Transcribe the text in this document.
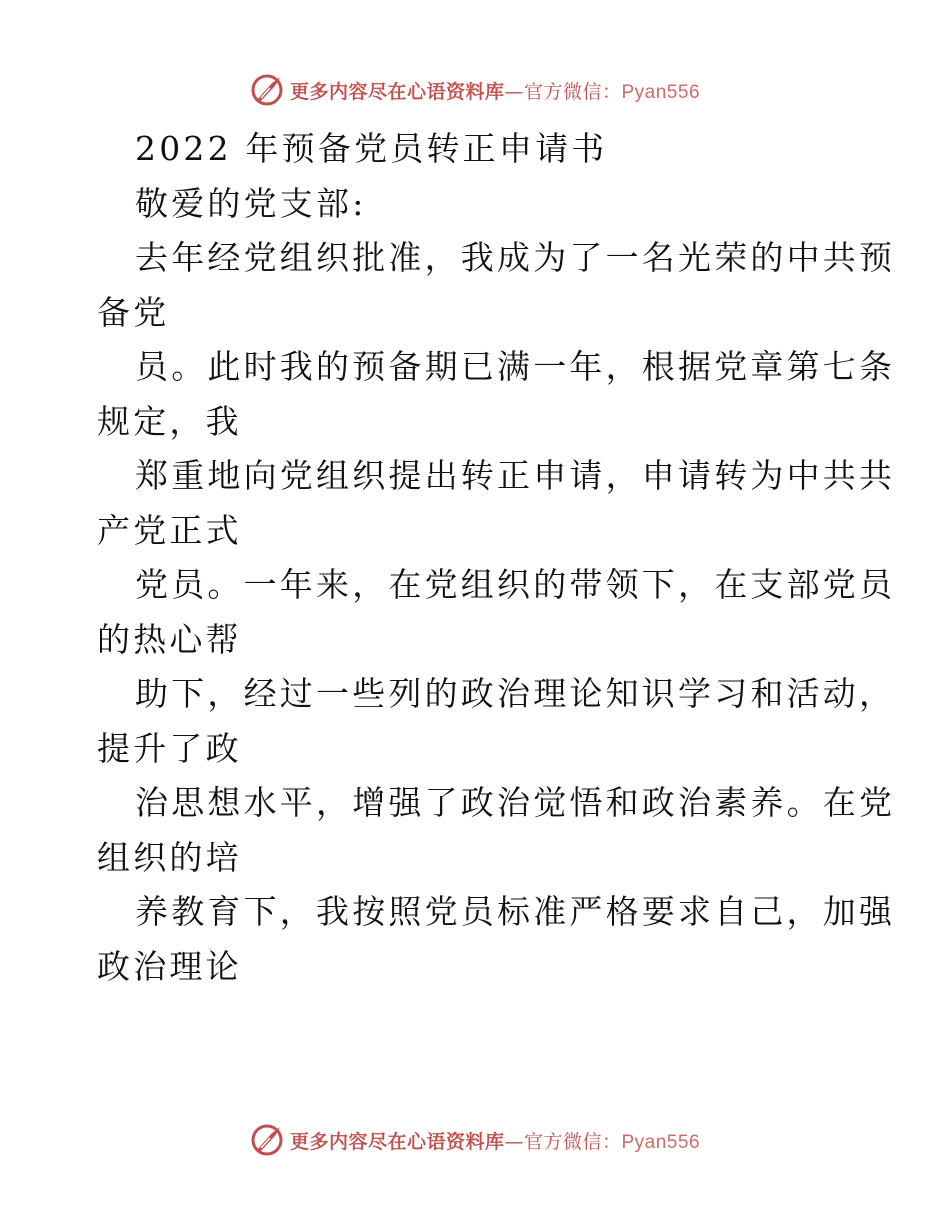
更多内容尽在心语资料库—官方微信：Pyan556
2022 年预备党员转正申请书
敬爱的党支部:
去年经党组织批准，我成为了一名光荣的中共预
备党
员。此时我的预备期已满一年，根据党章第七条
规定，我
郑重地向党组织提出转正申请，申请转为中共共
产党正式
党员。一年来，在党组织的带领下，在支部党员
的热心帮
助下，经过一些列的政治理论知识学习和活动，
提升了政
治思想水平，增强了政治觉悟和政治素养。在党
组织的培
养教育下，我按照党员标准严格要求自己，加强
政治理论
更多内容尽在心语资料库—官方微信：Pyan556
